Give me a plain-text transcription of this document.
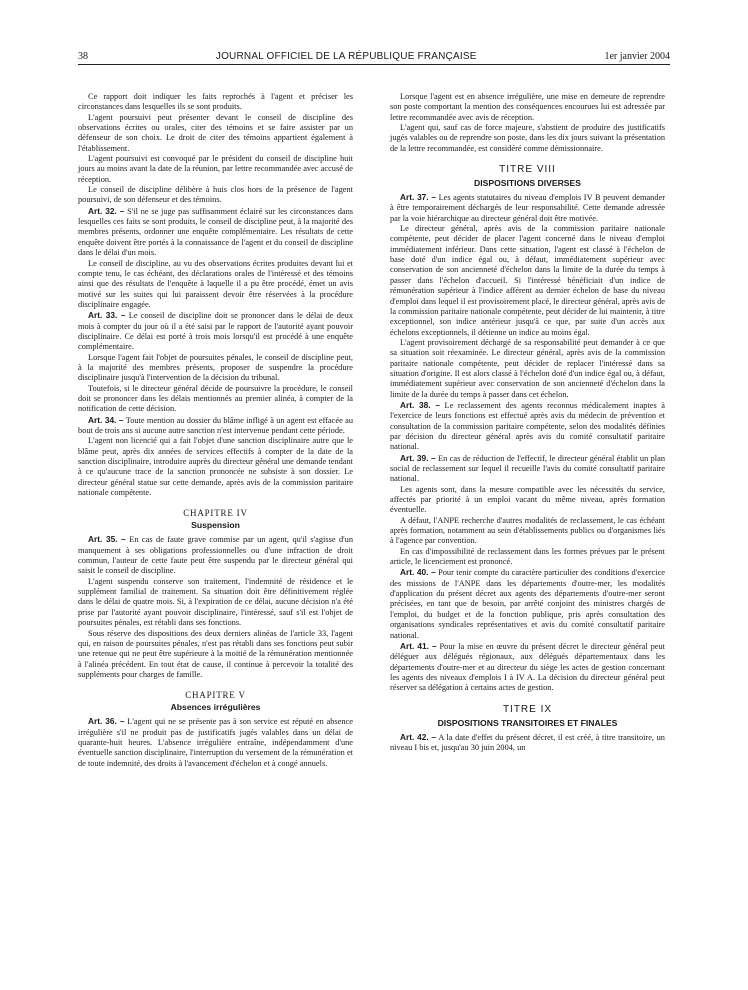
38	JOURNAL OFFICIEL DE LA RÉPUBLIQUE FRANÇAISE	1er janvier 2004

Ce rapport doit indiquer les faits reprochés à l'agent et préciser les circonstances dans lesquelles ils se sont produits.

L'agent poursuivi peut présenter devant le conseil de discipline des observations écrites ou orales, citer des témoins et se faire assister par un défenseur de son choix. Le droit de citer des témoins appartient également à l'établissement.

L'agent poursuivi est convoqué par le président du conseil de discipline huit jours au moins avant la date de la réunion, par lettre recommandée avec accusé de réception.

Le conseil de discipline délibère à huis clos hors de la présence de l'agent poursuivi, de son défenseur et des témoins.

Art. 32. – S'il ne se juge pas suffisamment éclairé sur les circonstances dans lesquelles ces faits se sont produits, le conseil de discipline peut, à la majorité des membres présents, ordonner une enquête complémentaire. Les résultats de cette enquête doivent être portés à la connaissance de l'agent et du conseil de discipline dans le délai d'un mois.

Le conseil de discipline, au vu des observations écrites produites devant lui et compte tenu, le cas échéant, des déclarations orales de l'intéressé et des témoins ainsi que des résultats de l'enquête à laquelle il a pu être procédé, émet un avis motivé sur les suites qui lui paraissent devoir être réservées à la procédure disciplinaire engagée.

Art. 33. – Le conseil de discipline doit se prononcer dans le délai de deux mois à compter du jour où il a été saisi par le rapport de l'autorité ayant pouvoir disciplinaire. Ce délai est porté à trois mois lorsqu'il est procédé à une enquête complémentaire.

Lorsque l'agent fait l'objet de poursuites pénales, le conseil de discipline peut, à la majorité des membres présents, proposer de suspendre la procédure disciplinaire jusqu'à l'intervention de la décision du tribunal.

Toutefois, si le directeur général décide de poursuivre la procédure, le conseil doit se prononcer dans les délais mentionnés au premier alinéa, à compter de la notification de cette décision.

Art. 34. – Toute mention au dossier du blâme infligé à un agent est effacée au bout de trois ans si aucune autre sanction n'est intervenue pendant cette période.

L'agent non licencié qui a fait l'objet d'une sanction disciplinaire autre que le blâme peut, après dix années de services effectifs à compter de la date de la sanction disciplinaire, introduire auprès du directeur général une demande tendant à ce qu'aucune trace de la sanction prononcée ne subsiste à son dossier. Le directeur général statue sur cette demande, après avis de la commission paritaire nationale compétente.

CHAPITRE IV
Suspension

Art. 35. – En cas de faute grave commise par un agent, qu'il s'agisse d'un manquement à ses obligations professionnelles ou d'une infraction de droit commun, l'auteur de cette faute peut être suspendu par le directeur général qui saisit le conseil de discipline.

L'agent suspendu conserve son traitement, l'indemnité de résidence et le supplément familial de traitement. Sa situation doit être définitivement réglée dans le délai de quatre mois. Si, à l'expiration de ce délai, aucune décision n'a été prise par l'autorité ayant pouvoir disciplinaire, l'intéressé, sauf s'il est l'objet de poursuites pénales, est rétabli dans ses fonctions.

Sous réserve des dispositions des deux derniers alinéas de l'article 33, l'agent qui, en raison de poursuites pénales, n'est pas rétabli dans ses fonctions peut subir une retenue qui ne peut être supérieure à la moitié de la rémunération mentionnée à l'alinéa précédent. En tout état de cause, il continue à percevoir la totalité des suppléments pour charges de famille.

CHAPITRE V
Absences irrégulières

Art. 36. – L'agent qui ne se présente pas à son service est réputé en absence irrégulière s'il ne produit pas de justificatifs jugés valables dans un délai de quarante-huit heures. L'absence irrégulière entraîne, indépendamment d'une éventuelle sanction disciplinaire, l'interruption du versement de la rémunération et de toute indemnité, des droits à l'avancement d'échelon et à congé annuels.

Lorsque l'agent est en absence irrégulière, une mise en demeure de reprendre son poste comportant la mention des conséquences encourues lui est adressée par lettre recommandée avec avis de réception.

L'agent qui, sauf cas de force majeure, s'abstient de produire des justificatifs jugés valables ou de reprendre son poste, dans les dix jours suivant la présentation de la lettre recommandée, est considéré comme démissionnaire.

TITRE VIII
DISPOSITIONS DIVERSES

Art. 37. – Les agents statutaires du niveau d'emplois IV B peuvent demander à être temporairement déchargés de leur responsabilité. Cette demande adressée par la voie hiérarchique au directeur général doit être motivée.

Le directeur général, après avis de la commission paritaire nationale compétente, peut décider de placer l'agent concerné dans le niveau d'emploi immédiatement inférieur. Dans cette situation, l'agent est classé à l'échelon de base doté d'un indice égal ou, à défaut, immédiatement supérieur avec conservation de son ancienneté d'échelon dans la limite de la durée du temps à passer dans l'échelon d'accueil. Si l'intéressé bénéficiait d'un indice de rémunération supérieur à l'indice afférent au dernier échelon de base du niveau d'emploi dans lequel il est provisoirement placé, le directeur général, après avis de la commission paritaire nationale compétente, peut décider de lui maintenir, à titre exceptionnel, son indice antérieur jusqu'à ce que, par suite d'un accès aux échelons exceptionnels, il détienne un indice au moins égal.

L'agent provisoirement déchargé de sa responsabilité peut demander à ce que sa situation soit réexaminée. Le directeur général, après avis de la commission paritaire nationale compétente, peut décider de replacer l'intéressé dans sa situation d'origine. Il est alors classé à l'échelon doté d'un indice égal ou, à défaut, immédiatement supérieur avec conservation de son ancienneté d'échelon dans la limite de la durée du temps à passer dans cet échelon.

Art. 38. – Le reclassement des agents reconnus médicalement inaptes à l'exercice de leurs fonctions est effectué après avis du médecin de prévention et consultation de la commission paritaire compétente, selon des modalités définies par décision du directeur général après avis du comité consultatif paritaire national.

Art. 39. – En cas de réduction de l'effectif, le directeur général établit un plan social de reclassement sur lequel il recueille l'avis du comité consultatif paritaire national.

Les agents sont, dans la mesure compatible avec les nécessités du service, affectés par priorité à un emploi vacant du même niveau, après formation éventuelle.

A défaut, l'ANPE recherche d'autres modalités de reclassement, le cas échéant après formation, notamment au sein d'établissements publics ou d'organismes liés à l'agence par convention.

En cas d'impossibilité de reclassement dans les formes prévues par le présent article, le licenciement est prononcé.

Art. 40. – Pour tenir compte du caractère particulier des conditions d'exercice des missions de l'ANPE dans les départements d'outre-mer, les modalités d'application du présent décret aux agents des départements d'outre-mer seront précisées, en tant que de besoin, par arrêté conjoint des ministres chargés de l'emploi, du budget et de la fonction publique, pris après consultation des organisations syndicales représentatives et avis du comité consultatif paritaire national.

Art. 41. – Pour la mise en œuvre du présent décret le directeur général peut déléguer aux délégués régionaux, aux délégués départementaux dans les départements d'outre-mer et au directeur du siège les actes de gestion concernant les agents des niveaux d'emplois I à IV A. La décision du directeur général peut réserver sa délégation à certains actes de gestion.

TITRE IX
DISPOSITIONS TRANSITOIRES ET FINALES

Art. 42. – A la date d'effet du présent décret, il est créé, à titre transitoire, un niveau I bis et, jusqu'au 30 juin 2004, un
